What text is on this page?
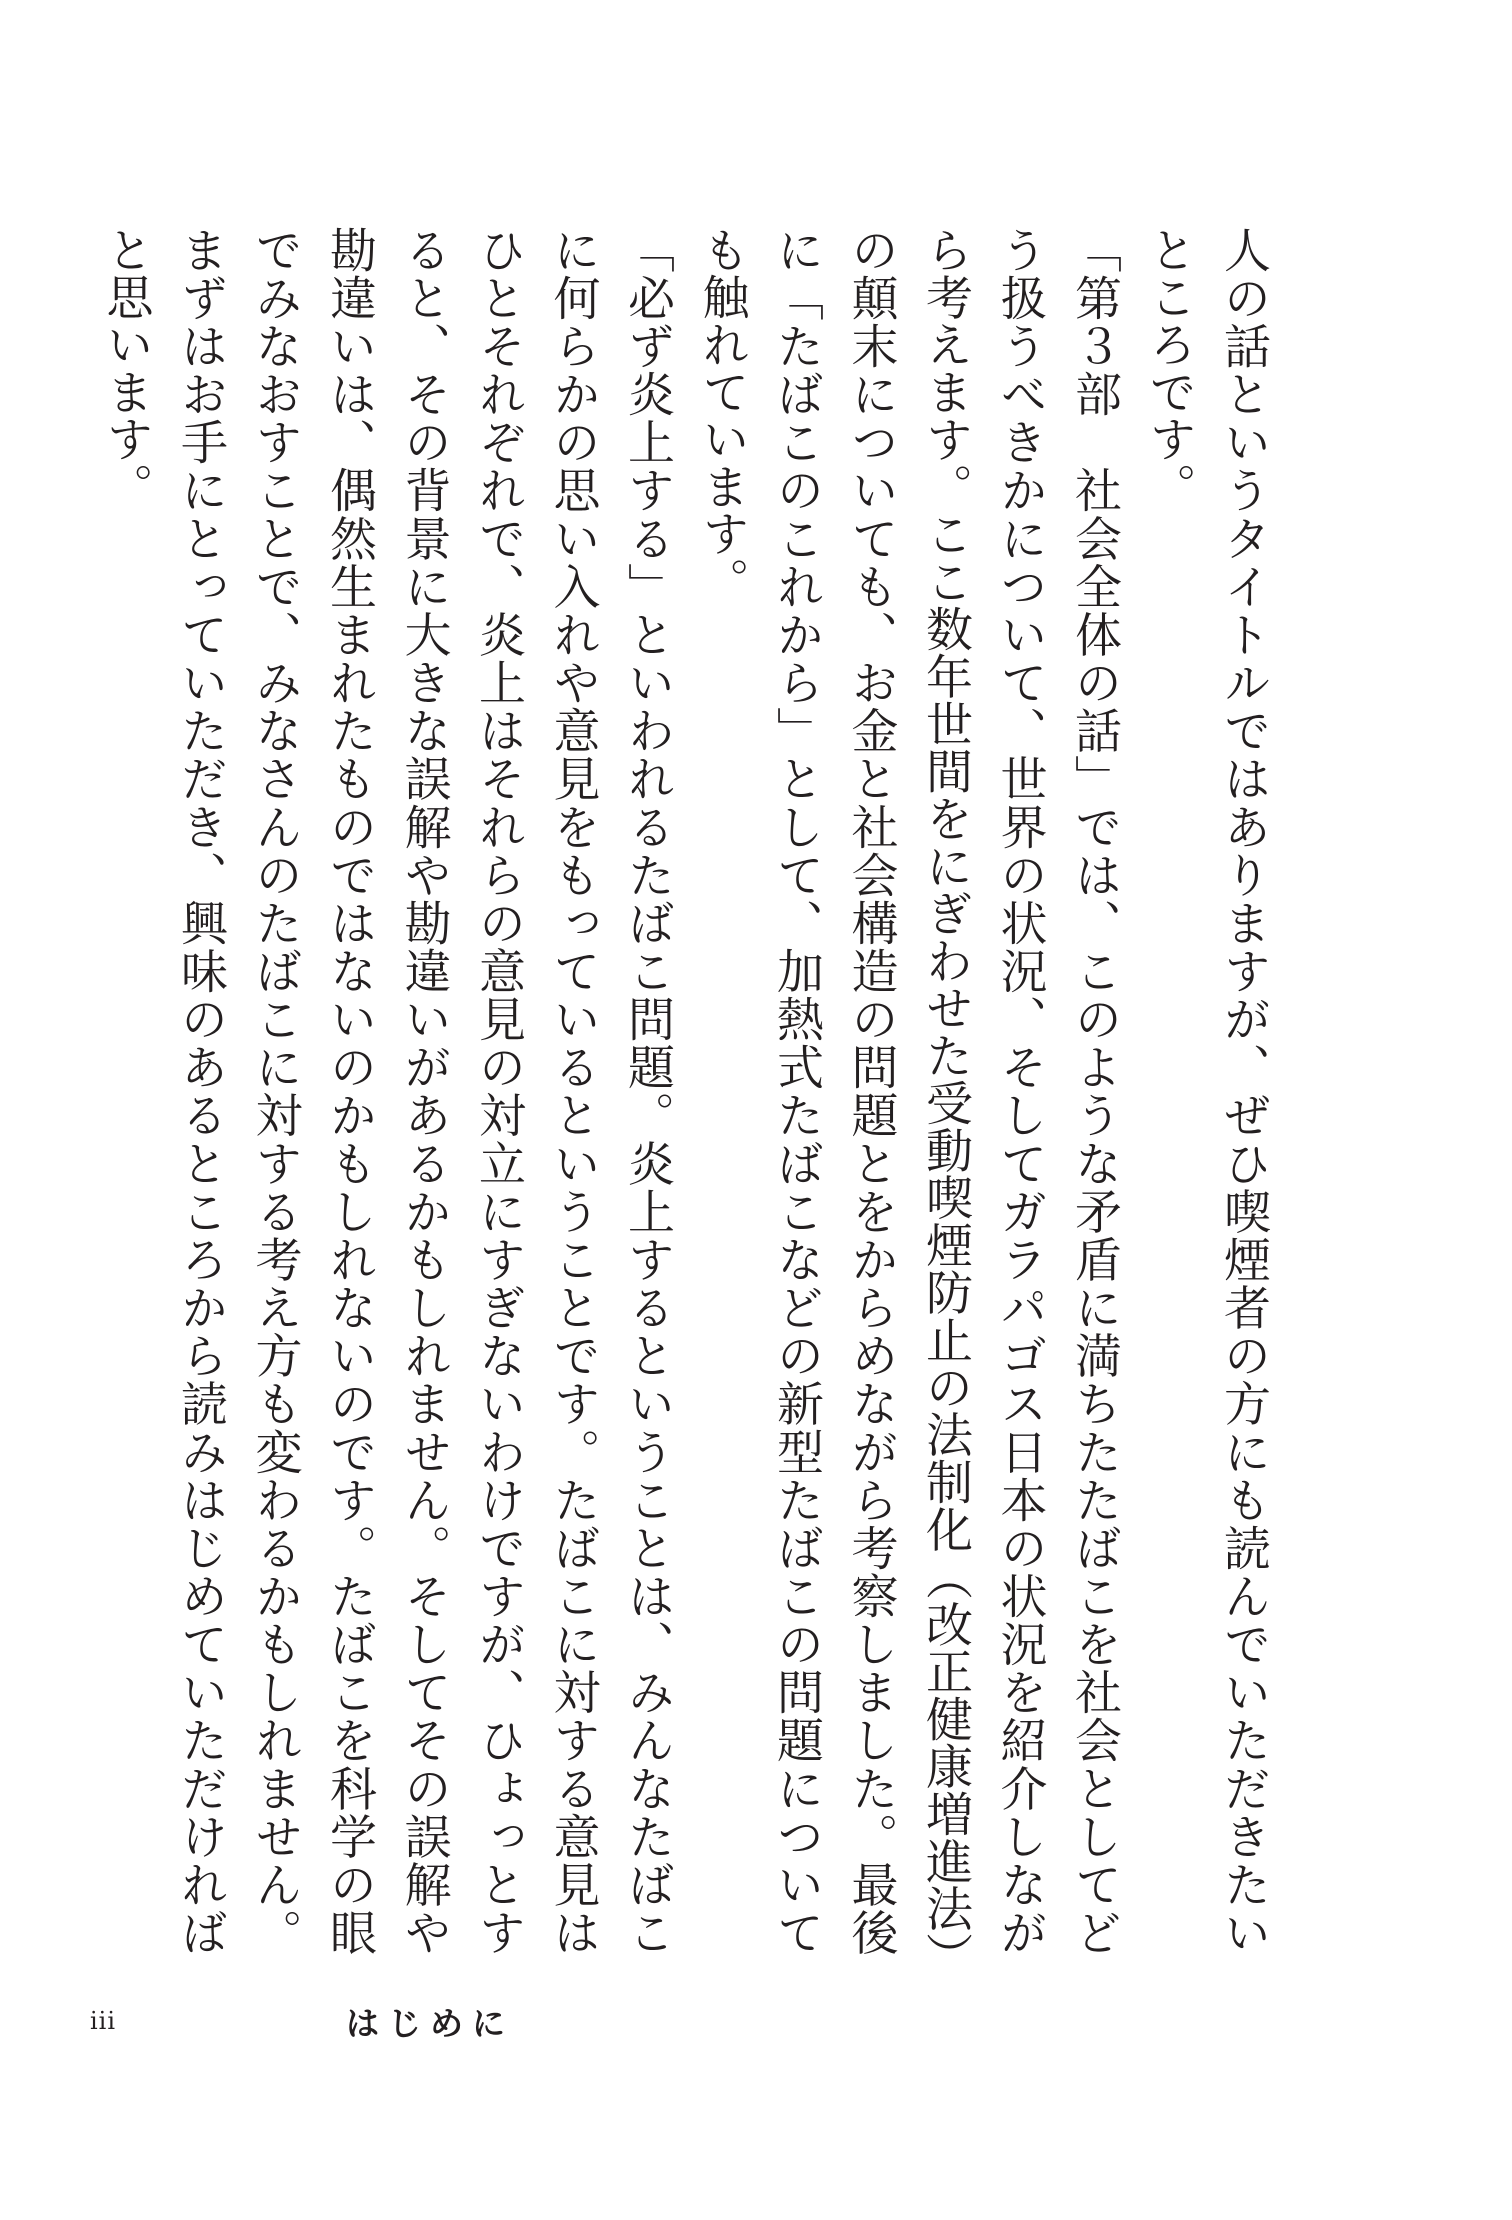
人の話というタイトルではありますが、ぜひ喫煙者の方にも読んでいただきたいところです。

「第３部　社会全体の話」では、このような矛盾に満ちたたばこを社会としてどう扱うべきかについて、世界の状況、そしてガラパゴス日本の状況を紹介しながら考えます。ここ数年世間をにぎわせた受動喫煙防止の法制化（改正健康増進法）の顛末についても、お金と社会構造の問題とをからめながら考察しました。最後に「たばこのこれから」として、加熱式たばこなどの新型たばこの問題についても触れています。

「必ず炎上する」といわれるたばこ問題。炎上するということは、みんなたばこに何らかの思い入れや意見をもっているということです。たばこに対する意見はひとそれぞれで、炎上はそれらの意見の対立にすぎないわけですが、ひょっとすると、その背景に大きな誤解や勘違いがあるかもしれません。そしてその誤解や勘違いは、偶然生まれたものではないのかもしれないのです。たばこを科学の眼でみなおすことで、みなさんのたばこに対する考え方も変わるかもしれません。まずはお手にとっていただき、興味のあるところから読みはじめていただければと思います。

iii	はじめに
